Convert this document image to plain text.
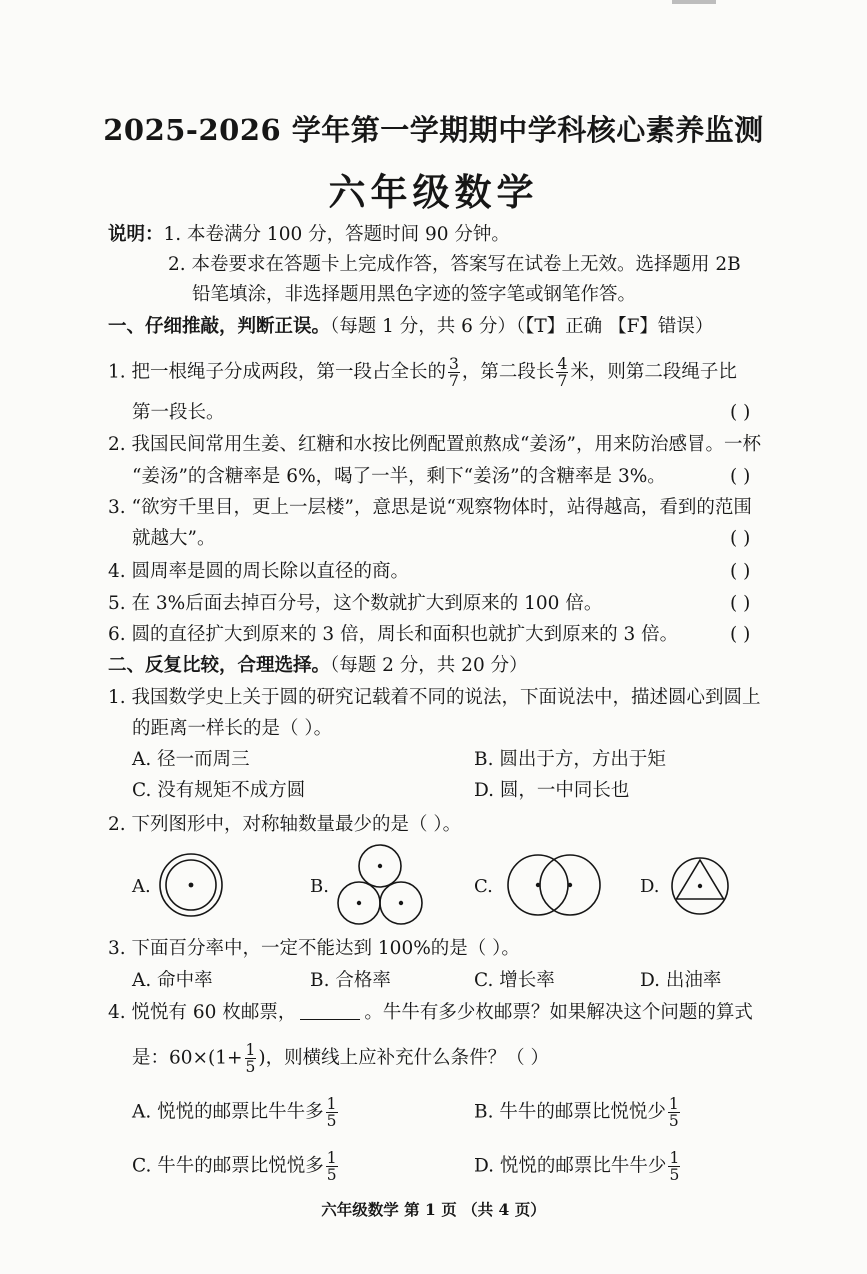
2025-2026 学年第一学期期中学科核心素养监测
六年级数学
说明：1. 本卷满分 100 分，答题时间 90 分钟。
2. 本卷要求在答题卡上完成作答，答案写在试卷上无效。选择题用 2B
铅笔填涂，非选择题用黑色字迹的签字笔或钢笔作答。
一、仔细推敲，判断正误。（每题 1 分，共 6 分）（【T】正确 【F】错误）
1. 把一根绳子分成两段，第一段占全长的 $\frac{3}{7}$ ，第二段长 $\frac{4}{7}$ 米，则第二段绳子比
第一段长。	( )
2. 我国民间常用生姜、红糖和水按比例配置煎熬成“姜汤”，用来防治感冒。一杯
“姜汤”的含糖率是 6%，喝了一半，剩下“姜汤”的含糖率是 3%。	( )
3. “欲穷千里目，更上一层楼”，意思是说“观察物体时，站得越高，看到的范围
就越大”。	( )
4. 圆周率是圆的周长除以直径的商。	( )
5. 在 3%后面去掉百分号，这个数就扩大到原来的 100 倍。	( )
6. 圆的直径扩大到原来的 3 倍，周长和面积也就扩大到原来的 3 倍。	( )
二、反复比较，合理选择。（每题 2 分，共 20 分）
1. 我国数学史上关于圆的研究记载着不同的说法，下面说法中，描述圆心到圆上
的距离一样长的是（ ）。
A. 径一而周三	B. 圆出于方，方出于矩
C. 没有规矩不成方圆	D. 圆，一中同长也
2. 下列图形中，对称轴数量最少的是（ ）。
A.	B.	C.	D.
3. 下面百分率中，一定不能达到 100%的是（ ）。
A. 命中率	B. 合格率	C. 增长率	D. 出油率
4. 悦悦有 60 枚邮票，	。牛牛有多少枚邮票？如果解决这个问题的算式
是：$60\times(1+ \frac{1}{5}$ )，则横线上应补充什么条件？（ ）
A. 悦悦的邮票比牛牛多 $\frac{1}{5}$	B. 牛牛的邮票比悦悦少 $\frac{1}{5}$
C. 牛牛的邮票比悦悦多 $\frac{1}{5}$	D. 悦悦的邮票比牛牛少 $\frac{1}{5}$
六年级数学 第 1 页 （共 4 页）
